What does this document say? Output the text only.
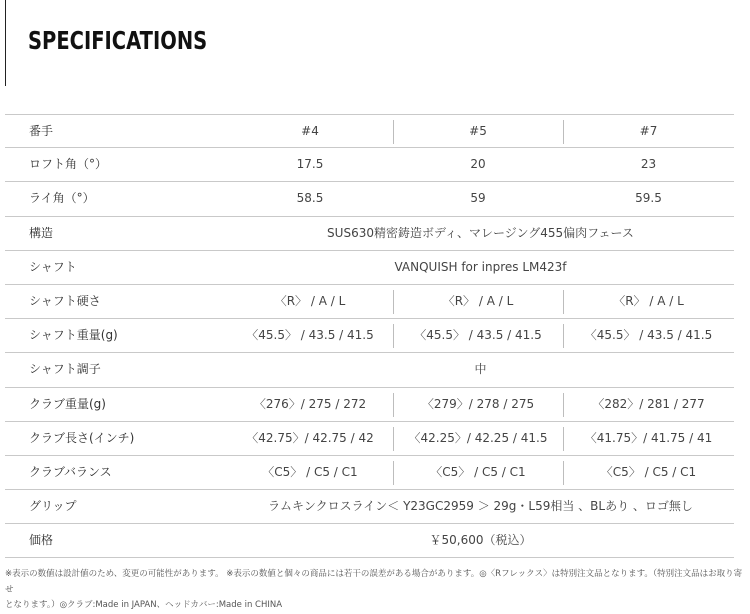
SPECIFICATIONS
番手	#4	#5	#7
ロフト角（°）	17.5	20	23
ライ角（°）	58.5	59	59.5
構造	SUS630精密鋳造ボディ、マレージング455偏肉フェース
シャフト	VANQUISH for inpres LM423f
シャフト硬さ	〈R〉 / A / L	〈R〉 / A / L	〈R〉 / A / L
シャフト重量(g)	〈45.5〉 / 43.5 / 41.5	〈45.5〉 / 43.5 / 41.5	〈45.5〉 / 43.5 / 41.5
シャフト調子	中
クラブ重量(g)	〈276〉/ 275 / 272	〈279〉/ 278 / 275	〈282〉/ 281 / 277
クラブ長さ(インチ)	〈42.75〉/ 42.75 / 42	〈42.25〉/ 42.25 / 41.5	〈41.75〉/ 41.75 / 41
クラブバランス	〈C5〉 / C5 / C1	〈C5〉 / C5 / C1	〈C5〉 / C5 / C1
グリップ	ラムキンクロスライン＜ Y23GC2959 ＞ 29g・L59相当 、BLあり 、ロゴ無し
価格	￥50,600（税込）
※表示の数値は設計値のため、変更の可能性があります。 ※表示の数値と個々の商品には若干の誤差がある場合があります。◎〈Rフレックス〉は特別注文品となります。（特別注文品はお取り寄せ
となります。）◎クラブ:Made in JAPAN、ヘッドカバー:Made in CHINA
